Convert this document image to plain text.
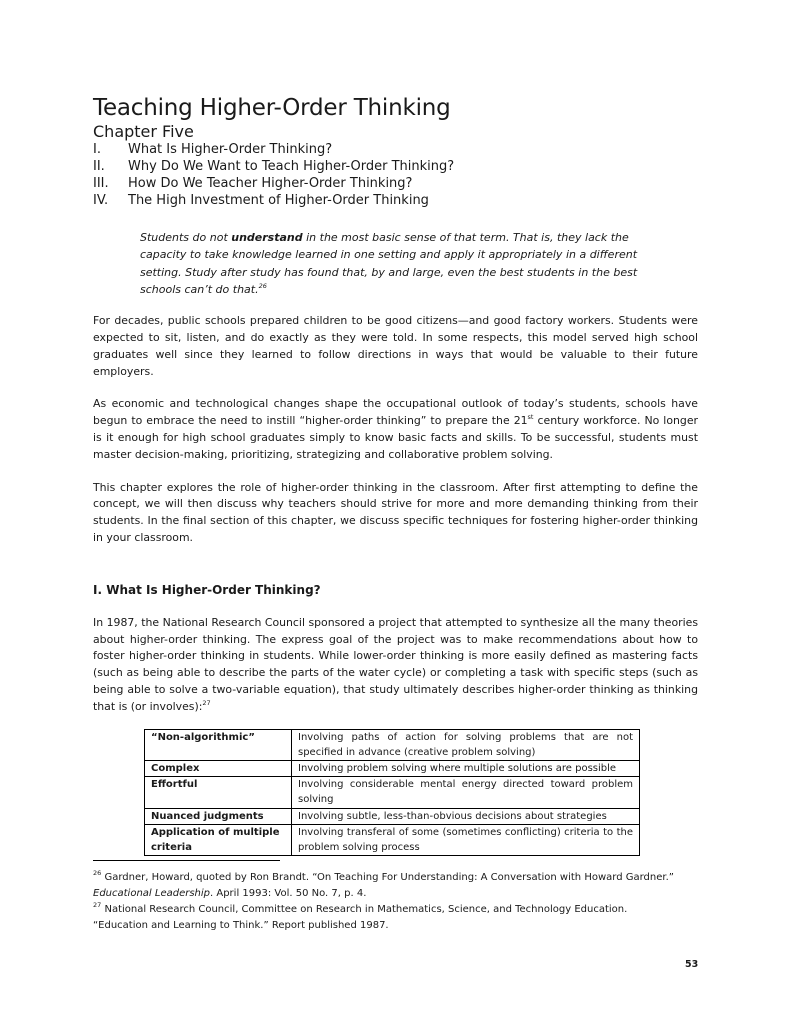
Teaching Higher-Order Thinking
Chapter Five
I.	What Is Higher-Order Thinking?
II.	Why Do We Want to Teach Higher-Order Thinking?
III.	How Do We Teacher Higher-Order Thinking?
IV.	The High Investment of Higher-Order Thinking

Students do not understand in the most basic sense of that term. That is, they lack the capacity to take knowledge learned in one setting and apply it appropriately in a different setting. Study after study has found that, by and large, even the best students in the best schools can’t do that.$^{26}$

For decades, public schools prepared children to be good citizens—and good factory workers. Students were expected to sit, listen, and do exactly as they were told. In some respects, this model served high school graduates well since they learned to follow directions in ways that would be valuable to their future employers.

As economic and technological changes shape the occupational outlook of today’s students, schools have begun to embrace the need to instill “higher-order thinking” to prepare the 21st century workforce. No longer is it enough for high school graduates simply to know basic facts and skills. To be successful, students must master decision-making, prioritizing, strategizing and collaborative problem solving.

This chapter explores the role of higher-order thinking in the classroom. After first attempting to define the concept, we will then discuss why teachers should strive for more and more demanding thinking from their students. In the final section of this chapter, we discuss specific techniques for fostering higher-order thinking in your classroom.

I. What Is Higher-Order Thinking?

In 1987, the National Research Council sponsored a project that attempted to synthesize all the many theories about higher-order thinking. The express goal of the project was to make recommendations about how to foster higher-order thinking in students. While lower-order thinking is more easily defined as mastering facts (such as being able to describe the parts of the water cycle) or completing a task with specific steps (such as being able to solve a two-variable equation), that study ultimately describes higher-order thinking as thinking that is (or involves):$^{27}$

“Non-algorithmic”	Involving paths of action for solving problems that are not specified in advance (creative problem solving)
Complex	Involving problem solving where multiple solutions are possible
Effortful	Involving considerable mental energy directed toward problem solving
Nuanced judgments	Involving subtle, less-than-obvious decisions about strategies
Application of multiple criteria	Involving transferal of some (sometimes conflicting) criteria to the problem solving process

$^{26}$ Gardner, Howard, quoted by Ron Brandt. “On Teaching For Understanding: A Conversation with Howard Gardner.”

Educational Leadership. April 1993: Vol. 50 No. 7, p. 4.

$^{27}$ National Research Council, Committee on Research in Mathematics, Science, and Technology Education.

“Education and Learning to Think.” Report published 1987.

53
